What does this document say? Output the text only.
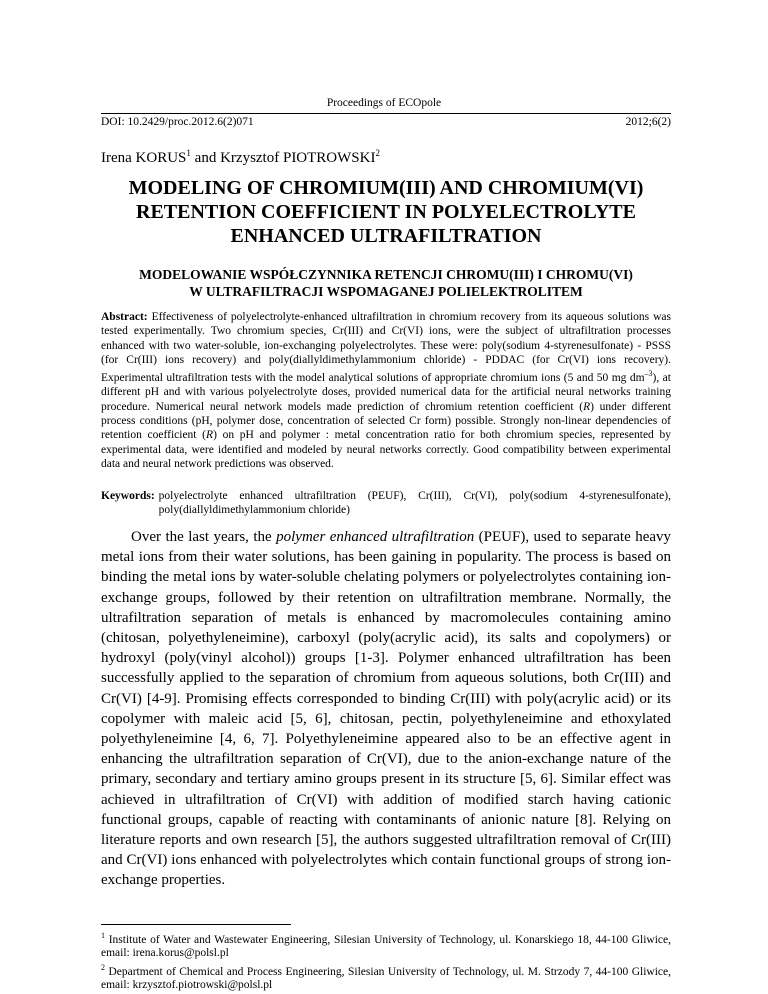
Proceedings of ECOpole
DOI: 10.2429/proc.2012.6(2)071	2012;6(2)
Irena KORUS$^1$ and Krzysztof PIOTROWSKI$^2$
MODELING OF CHROMIUM(III) AND CHROMIUM(VI)
RETENTION COEFFICIENT IN POLYELECTROLYTE
ENHANCED ULTRAFILTRATION
MODELOWANIE WSPÓŁCZYNNIKA RETENCJI CHROMU(III) I CHROMU(VI)
W ULTRAFILTRACJI WSPOMAGANEJ POLIELEKTROLITEM
Abstract: Effectiveness of polyelectrolyte-enhanced ultrafiltration in chromium recovery from its aqueous solutions was tested experimentally. Two chromium species, Cr(III) and Cr(VI) ions, were the subject of ultrafiltration processes enhanced with two water-soluble, ion-exchanging polyelectrolytes. These were: poly(sodium 4-styrenesulfonate) - PSSS (for Cr(III) ions recovery) and poly(diallyldimethylammonium chloride) - PDDAC (for Cr(VI) ions recovery). Experimental ultrafiltration tests with the model analytical solutions of appropriate chromium ions (5 and 50 mg $dm^{-3}$), at different pH and with various polyelectrolyte doses, provided numerical data for the artificial neural networks training procedure. Numerical neural network models made prediction of chromium retention coefficient (R) under different process conditions (pH, polymer dose, concentration of selected Cr form) possible. Strongly non-linear dependencies of retention coefficient (R) on pH and polymer : metal concentration ratio for both chromium species, represented by experimental data, were identified and modeled by neural networks correctly. Good compatibility between experimental data and neural network predictions was observed.
Keywords: polyelectrolyte enhanced ultrafiltration (PEUF), Cr(III), Cr(VI), poly(sodium 4-styrenesulfonate), poly(diallyldimethylammonium chloride)
Over the last years, the polymer enhanced ultrafiltration (PEUF), used to separate heavy metal ions from their water solutions, has been gaining in popularity. The process is based on binding the metal ions by water-soluble chelating polymers or polyelectrolytes containing ion-exchange groups, followed by their retention on ultrafiltration membrane. Normally, the ultrafiltration separation of metals is enhanced by macromolecules containing amino (chitosan, polyethyleneimine), carboxyl (poly(acrylic acid), its salts and copolymers) or hydroxyl (poly(vinyl alcohol)) groups [1-3]. Polymer enhanced ultrafiltration has been successfully applied to the separation of chromium from aqueous solutions, both Cr(III) and Cr(VI) [4-9]. Promising effects corresponded to binding Cr(III) with poly(acrylic acid) or its copolymer with maleic acid [5, 6], chitosan, pectin, polyethyleneimine and ethoxylated polyethyleneimine [4, 6, 7]. Polyethyleneimine appeared also to be an effective agent in enhancing the ultrafiltration separation of Cr(VI), due to the anion-exchange nature of the primary, secondary and tertiary amino groups present in its structure [5, 6]. Similar effect was achieved in ultrafiltration of Cr(VI) with addition of modified starch having cationic functional groups, capable of reacting with contaminants of anionic nature [8]. Relying on literature reports and own research [5], the authors suggested ultrafiltration removal of Cr(III) and Cr(VI) ions enhanced with polyelectrolytes which contain functional groups of strong ion-exchange properties.
$^1$ Institute of Water and Wastewater Engineering, Silesian University of Technology, ul. Konarskiego 18, 44-100 Gliwice, email: irena.korus@polsl.pl
$^2$ Department of Chemical and Process Engineering, Silesian University of Technology, ul. M. Strzody 7, 44-100 Gliwice, email: krzysztof.piotrowski@polsl.pl
